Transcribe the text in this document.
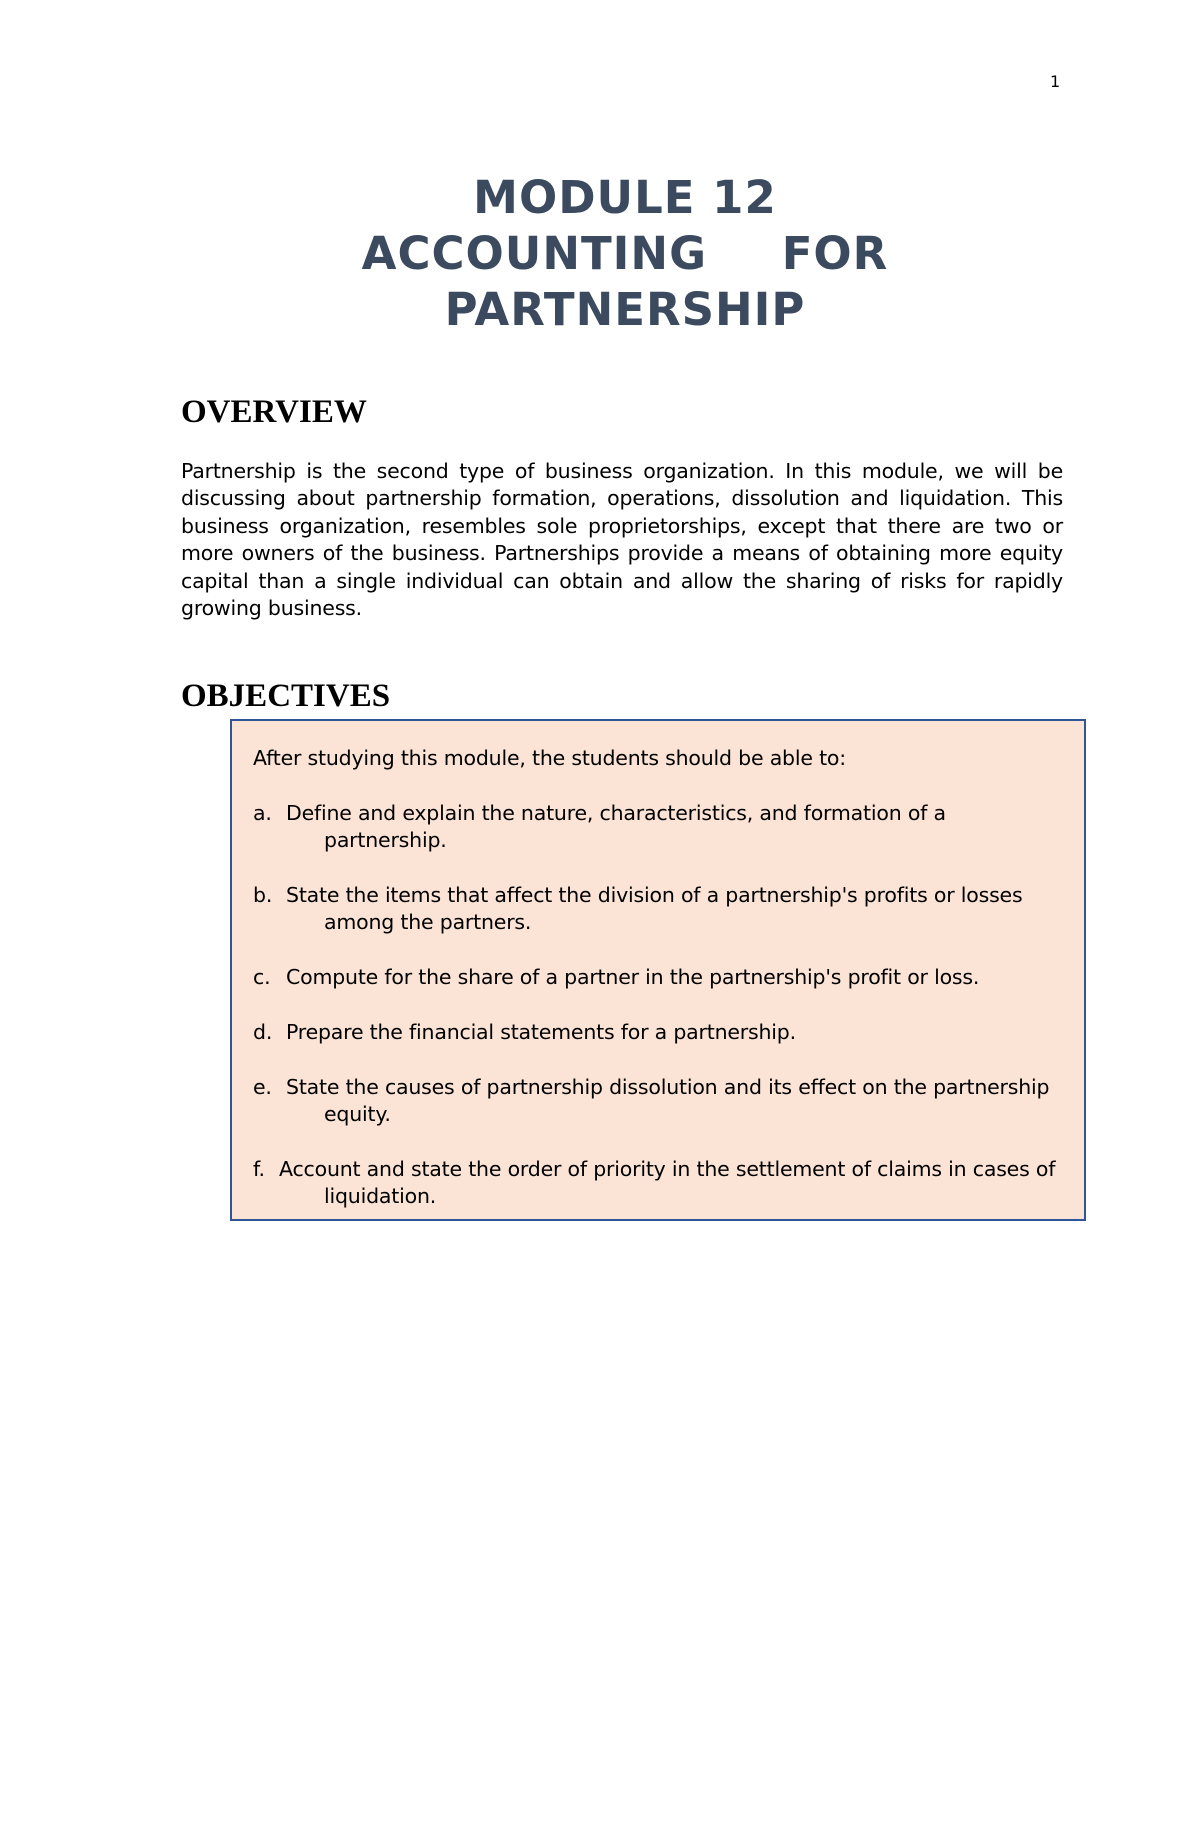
1
MODULE 12
ACCOUNTING FOR
PARTNERSHIP
OVERVIEW

Partnership is the second type of business organization. In this module, we will be discussing about partnership formation, operations, dissolution and liquidation. This business organization, resembles sole proprietorships, except that there are two or more owners of the business. Partnerships provide a means of obtaining more equity capital than a single individual can obtain and allow the sharing of risks for rapidly growing business.

OBJECTIVES

After studying this module, the students should be able to:

a. Define and explain the nature, characteristics, and formation of a partnership.
b. State the items that affect the division of a partnership's profits or losses among the partners.
c. Compute for the share of a partner in the partnership's profit or loss.
d. Prepare the financial statements for a partnership.
e. State the causes of partnership dissolution and its effect on the partnership equity.
f. Account and state the order of priority in the settlement of claims in cases of liquidation.
